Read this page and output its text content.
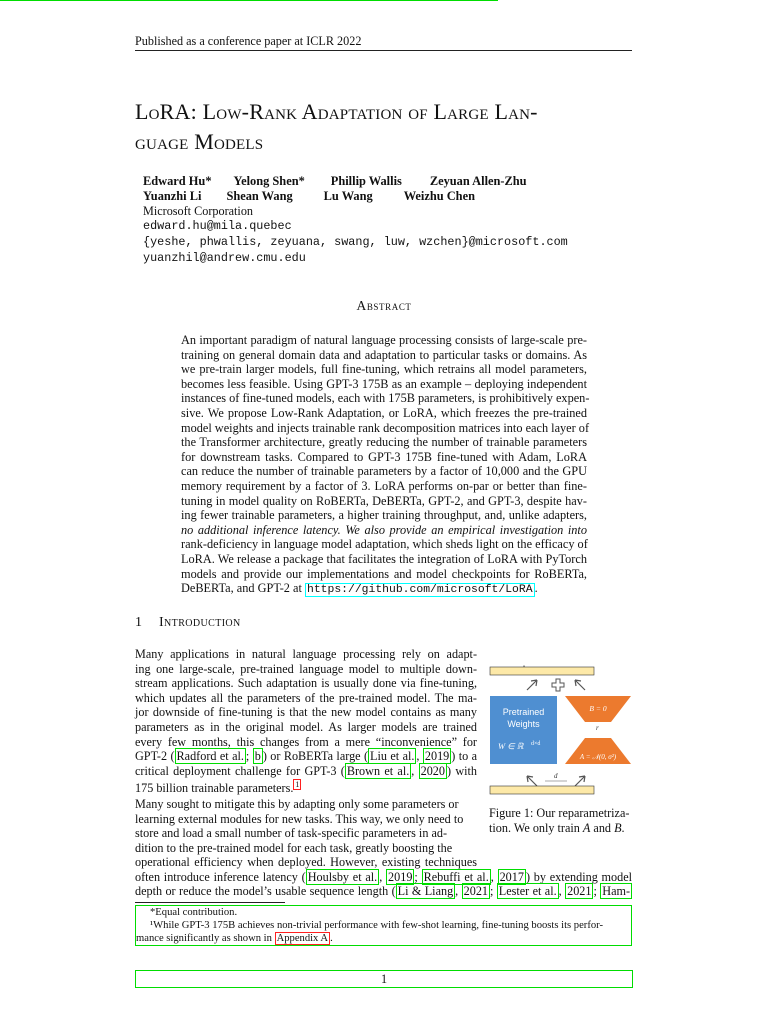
Published as a conference paper at ICLR 2022
LoRA: Low-Rank Adaptation of Large Lan-
guage Models
Edward Hu* Yelong Shen* Phillip Wallis Zeyuan Allen-Zhu
Yuanzhi Li Shean Wang	Lu Wang	Weizhu Chen
Microsoft Corporation
edward.hu@mila.quebec
{yeshe, phwallis, zeyuana, swang, luw, wzchen}@microsoft.com
yuanzhil@andrew.cmu.edu
Abstract
An important paradigm of natural language processing consists of large-scale pre-
training on general domain data and adaptation to particular tasks or domains. As
we pre-train larger models, full fine-tuning, which retrains all model parameters,
becomes less feasible. Using GPT-3 175B as an example – deploying independent
instances of fine-tuned models, each with 175B parameters, is prohibitively expen-
sive. We propose Low-Rank Adaptation, or LoRA, which freezes the pre-trained
model weights and injects trainable rank decomposition matrices into each layer of
the Transformer architecture, greatly reducing the number of trainable parameters
for downstream tasks. Compared to GPT-3 175B fine-tuned with Adam, LoRA
can reduce the number of trainable parameters by a factor of 10,000 and the GPU
memory requirement by a factor of 3. LoRA performs on-par or better than fine-
tuning in model quality on RoBERTa, DeBERTa, GPT-2, and GPT-3, despite hav-
ing fewer trainable parameters, a higher training throughput, and, unlike adapters,
no additional inference latency. We also provide an empirical investigation into
rank-deficiency in language model adaptation, which sheds light on the efficacy of
LoRA. We release a package that facilitates the integration of LoRA with PyTorch
models and provide our implementations and model checkpoints for RoBERTa,
DeBERTa, and GPT-2 at https://github.com/microsoft/LoRA .
1 Introduction
Many applications in natural language processing rely on adapt-
ing one large-scale, pre-trained language model to multiple down-
stream applications. Such adaptation is usually done via fine-tuning,
which updates all the parameters of the pre-trained model. The ma-
jor downside of fine-tuning is that the new model contains as many
parameters as in the original model. As larger models are trained
every few months, this changes from a mere “inconvenience” for
GPT-2 ( Radford et al. ; b ) or RoBERTa large ( Liu et al. , 2019 ) to a
critical deployment challenge for GPT-3 ( Brown et al. , 2020 ) with
175 billion trainable parameters. $^1$
Many sought to mitigate this by adapting only some parameters or learning external modules for new tasks. This way, we only need to store and load a small number of task-specific parameters in ad- dition to the pre-trained model for each task, greatly boosting the
operational efficiency when deployed. However, existing techniques
often introduce inference latency ( Houlsby et al. , 2019 ; Rebuffi et al. , 2017 ) by extending model
depth or reduce the model’s usable sequence length ( Li & Liang , 2021 ; Lester et al. , 2021 ; Ham-
Pretrained
Weights
W ∈ ℝ d×d
B = 0
r
A = 𝒩(0, σ²)
d
Figure 1: Our reparametriza-
tion. We only train A and B.
*Equal contribution.
¹While GPT-3 175B achieves non-trivial performance with few-shot learning, fine-tuning boosts its perfor-
mance significantly as shown in Appendix A .
1
